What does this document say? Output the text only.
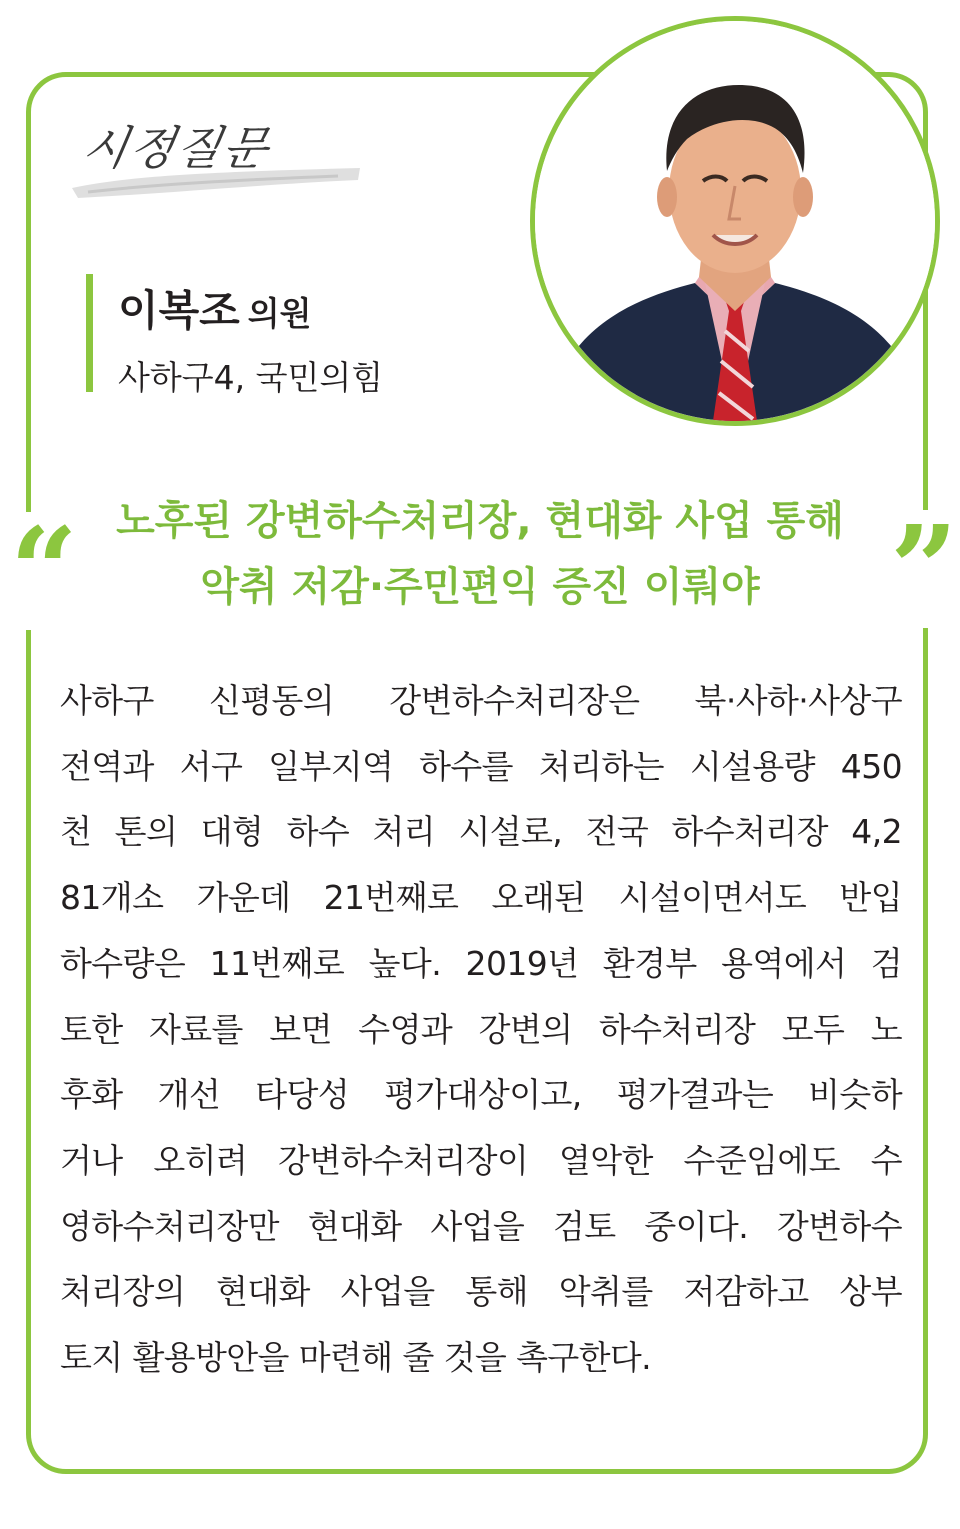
시정질문
이복조 의원
사하구4, 국민의힘
“	”
노후된 강변하수처리장, 현대화 사업 통해
악취 저감·주민편익 증진 이뤄야
사하구 신평동의 강변하수처리장은 북·사하·사상구
전역과 서구 일부지역 하수를 처리하는 시설용량 450
천 톤의 대형 하수 처리 시설로, 전국 하수처리장 4,2
81개소 가운데 21번째로 오래된 시설이면서도 반입
하수량은 11번째로 높다. 2019년 환경부 용역에서 검
토한 자료를 보면 수영과 강변의 하수처리장 모두 노
후화 개선 타당성 평가대상이고, 평가결과는 비슷하
거나 오히려 강변하수처리장이 열악한 수준임에도 수
영하수처리장만 현대화 사업을 검토 중이다. 강변하수
처리장의 현대화 사업을 통해 악취를 저감하고 상부
토지 활용방안을 마련해 줄 것을 촉구한다.
